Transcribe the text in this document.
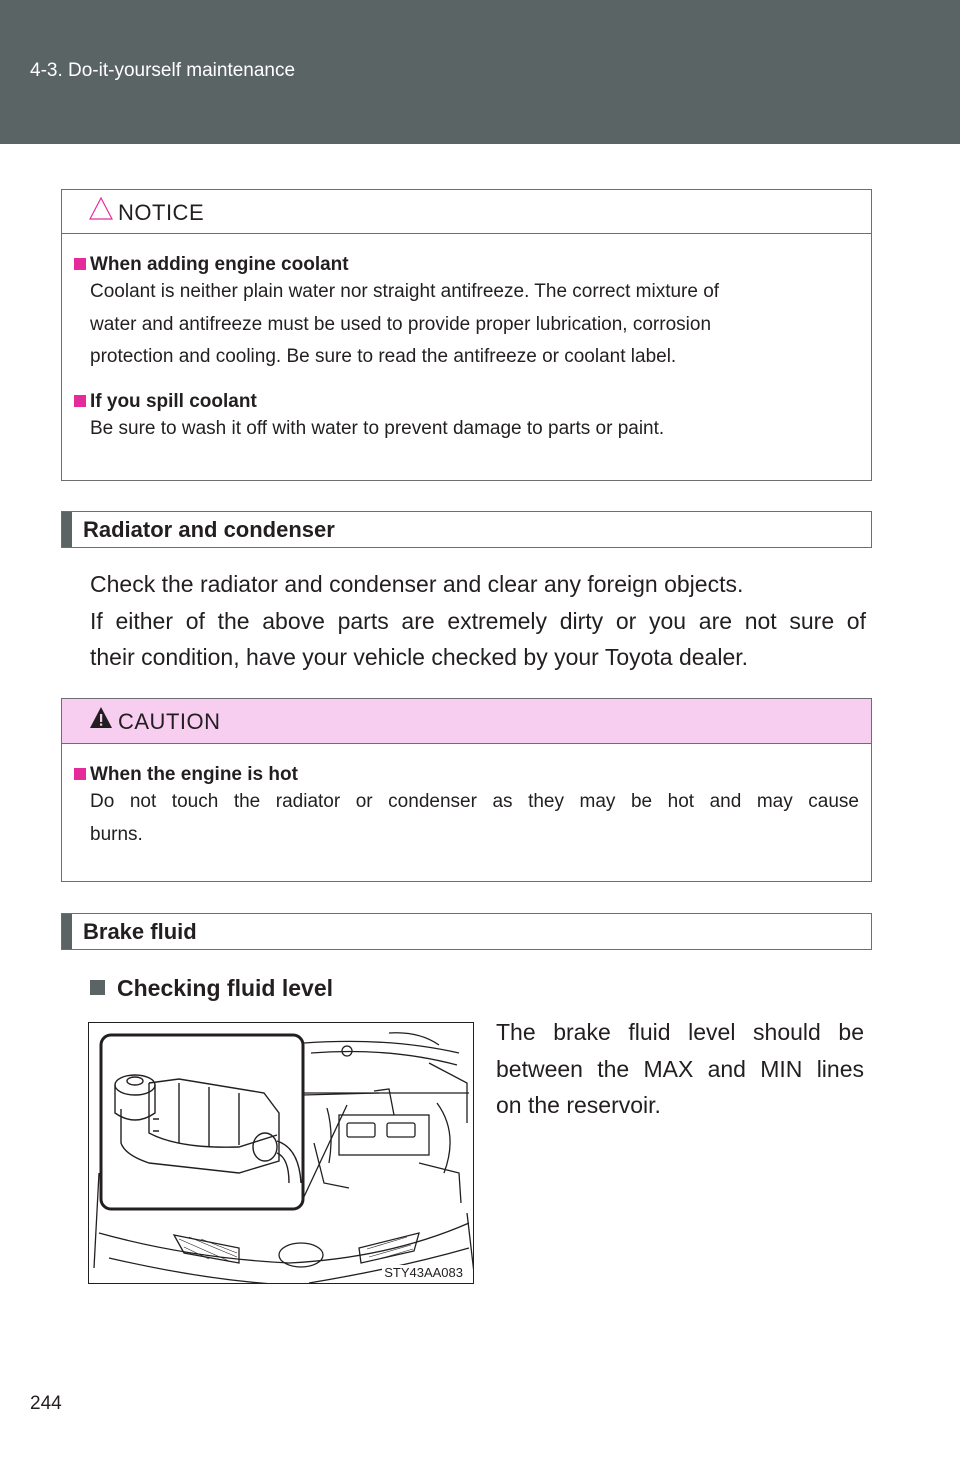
4-3. Do-it-yourself maintenance
NOTICE
When adding engine coolant
Coolant is neither plain water nor straight antifreeze. The correct mixture of
water and antifreeze must be used to provide proper lubrication, corrosion
protection and cooling. Be sure to read the antifreeze or coolant label.
If you spill coolant
Be sure to wash it off with water to prevent damage to parts or paint.
Radiator and condenser
Check the radiator and condenser and clear any foreign objects.
If either of the above parts are extremely dirty or you are not sure of
their condition, have your vehicle checked by your Toyota dealer.
CAUTION
When the engine is hot
Do not touch the radiator or condenser as they may be hot and may cause
burns.
Brake fluid
Checking fluid level
The brake fluid level should be
between the MAX and MIN lines
on the reservoir.
STY43AA083
244
